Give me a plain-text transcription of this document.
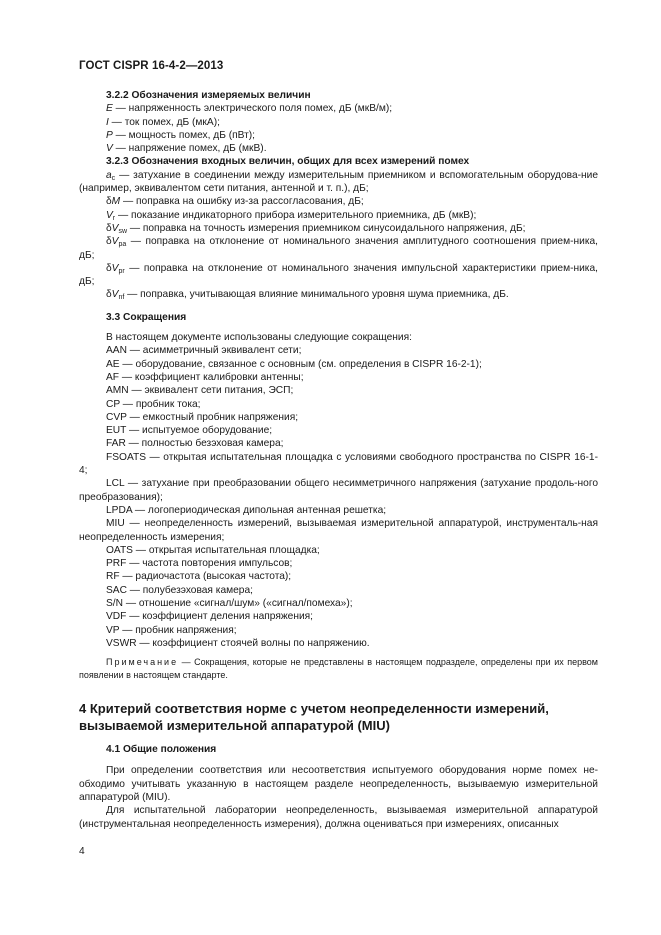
ГОСТ CISPR 16-4-2—2013

3.2.2 Обозначения измеряемых величин

E — напряженность электрического поля помех, дБ (мкВ/м);

I — ток помех, дБ (мкА);

P — мощность помех, дБ (пВт);

V — напряжение помех, дБ (мкВ).

3.2.3 Обозначения входных величин, общих для всех измерений помех

$a_c$ — затухание в соединении между измерительным приемником и вспомогательным оборудова-ние (например, эквивалентом сети питания, антенной и т. п.), дБ;

δM — поправка на ошибку из-за рассогласования, дБ;

$V_r$ — показание индикаторного прибора измерительного приемника, дБ (мкВ);

$\delta V_{sw}$ — поправка на точность измерения приемником синусоидального напряжения, дБ;

$\delta V_{pa}$ — поправка на отклонение от номинального значения амплитудного соотношения прием-ника, дБ;

$\delta V_{pr}$ — поправка на отклонение от номинального значения импульсной характеристики прием-ника, дБ;

$\delta V_{nf}$ — поправка, учитывающая влияние минимального уровня шума приемника, дБ.

3.3 Сокращения

В настоящем документе использованы следующие сокращения:

AAN — асимметричный эквивалент сети;

AE — оборудование, связанное с основным (см. определения в CISPR 16-2-1);

AF — коэффициент калибровки антенны;

AMN — эквивалент сети питания, ЭСП;

CP — пробник тока;

CVP — емкостный пробник напряжения;

EUT — испытуемое оборудование;

FAR — полностью безэховая камера;

FSOATS — открытая испытательная площадка с условиями свободного пространства по CISPR 16-1-4;

LCL — затухание при преобразовании общего несимметричного напряжения (затухание продоль-ного преобразования);

LPDA — логопериодическая дипольная антенная решетка;

MIU — неопределенность измерений, вызываемая измерительной аппаратурой, инструменталь-ная неопределенность измерения;

OATS — открытая испытательная площадка;

PRF — частота повторения импульсов;

RF — радиочастота (высокая частота);

SAC — полубезэховая камера;

S/N — отношение «сигнал/шум» («сигнал/помеха»);

VDF — коэффициент деления напряжения;

VP — пробник напряжения;

VSWR — коэффициент стоячей волны по напряжению.

Примечание — Сокращения, которые не представлены в настоящем подразделе, определены при их первом появлении в настоящем стандарте.

4 Критерий соответствия норме с учетом неопределенности измерений, вызываемой измерительной аппаратурой (MIU)

4.1 Общие положения

При определении соответствия или несоответствия испытуемого оборудования норме помех не-обходимо учитывать указанную в настоящем разделе неопределенность, вызываемую измерительной аппаратурой (MIU).

Для испытательной лаборатории неопределенность, вызываемая измерительной аппаратурой (инструментальная неопределенность измерения), должна оцениваться при измерениях, описанных

4
